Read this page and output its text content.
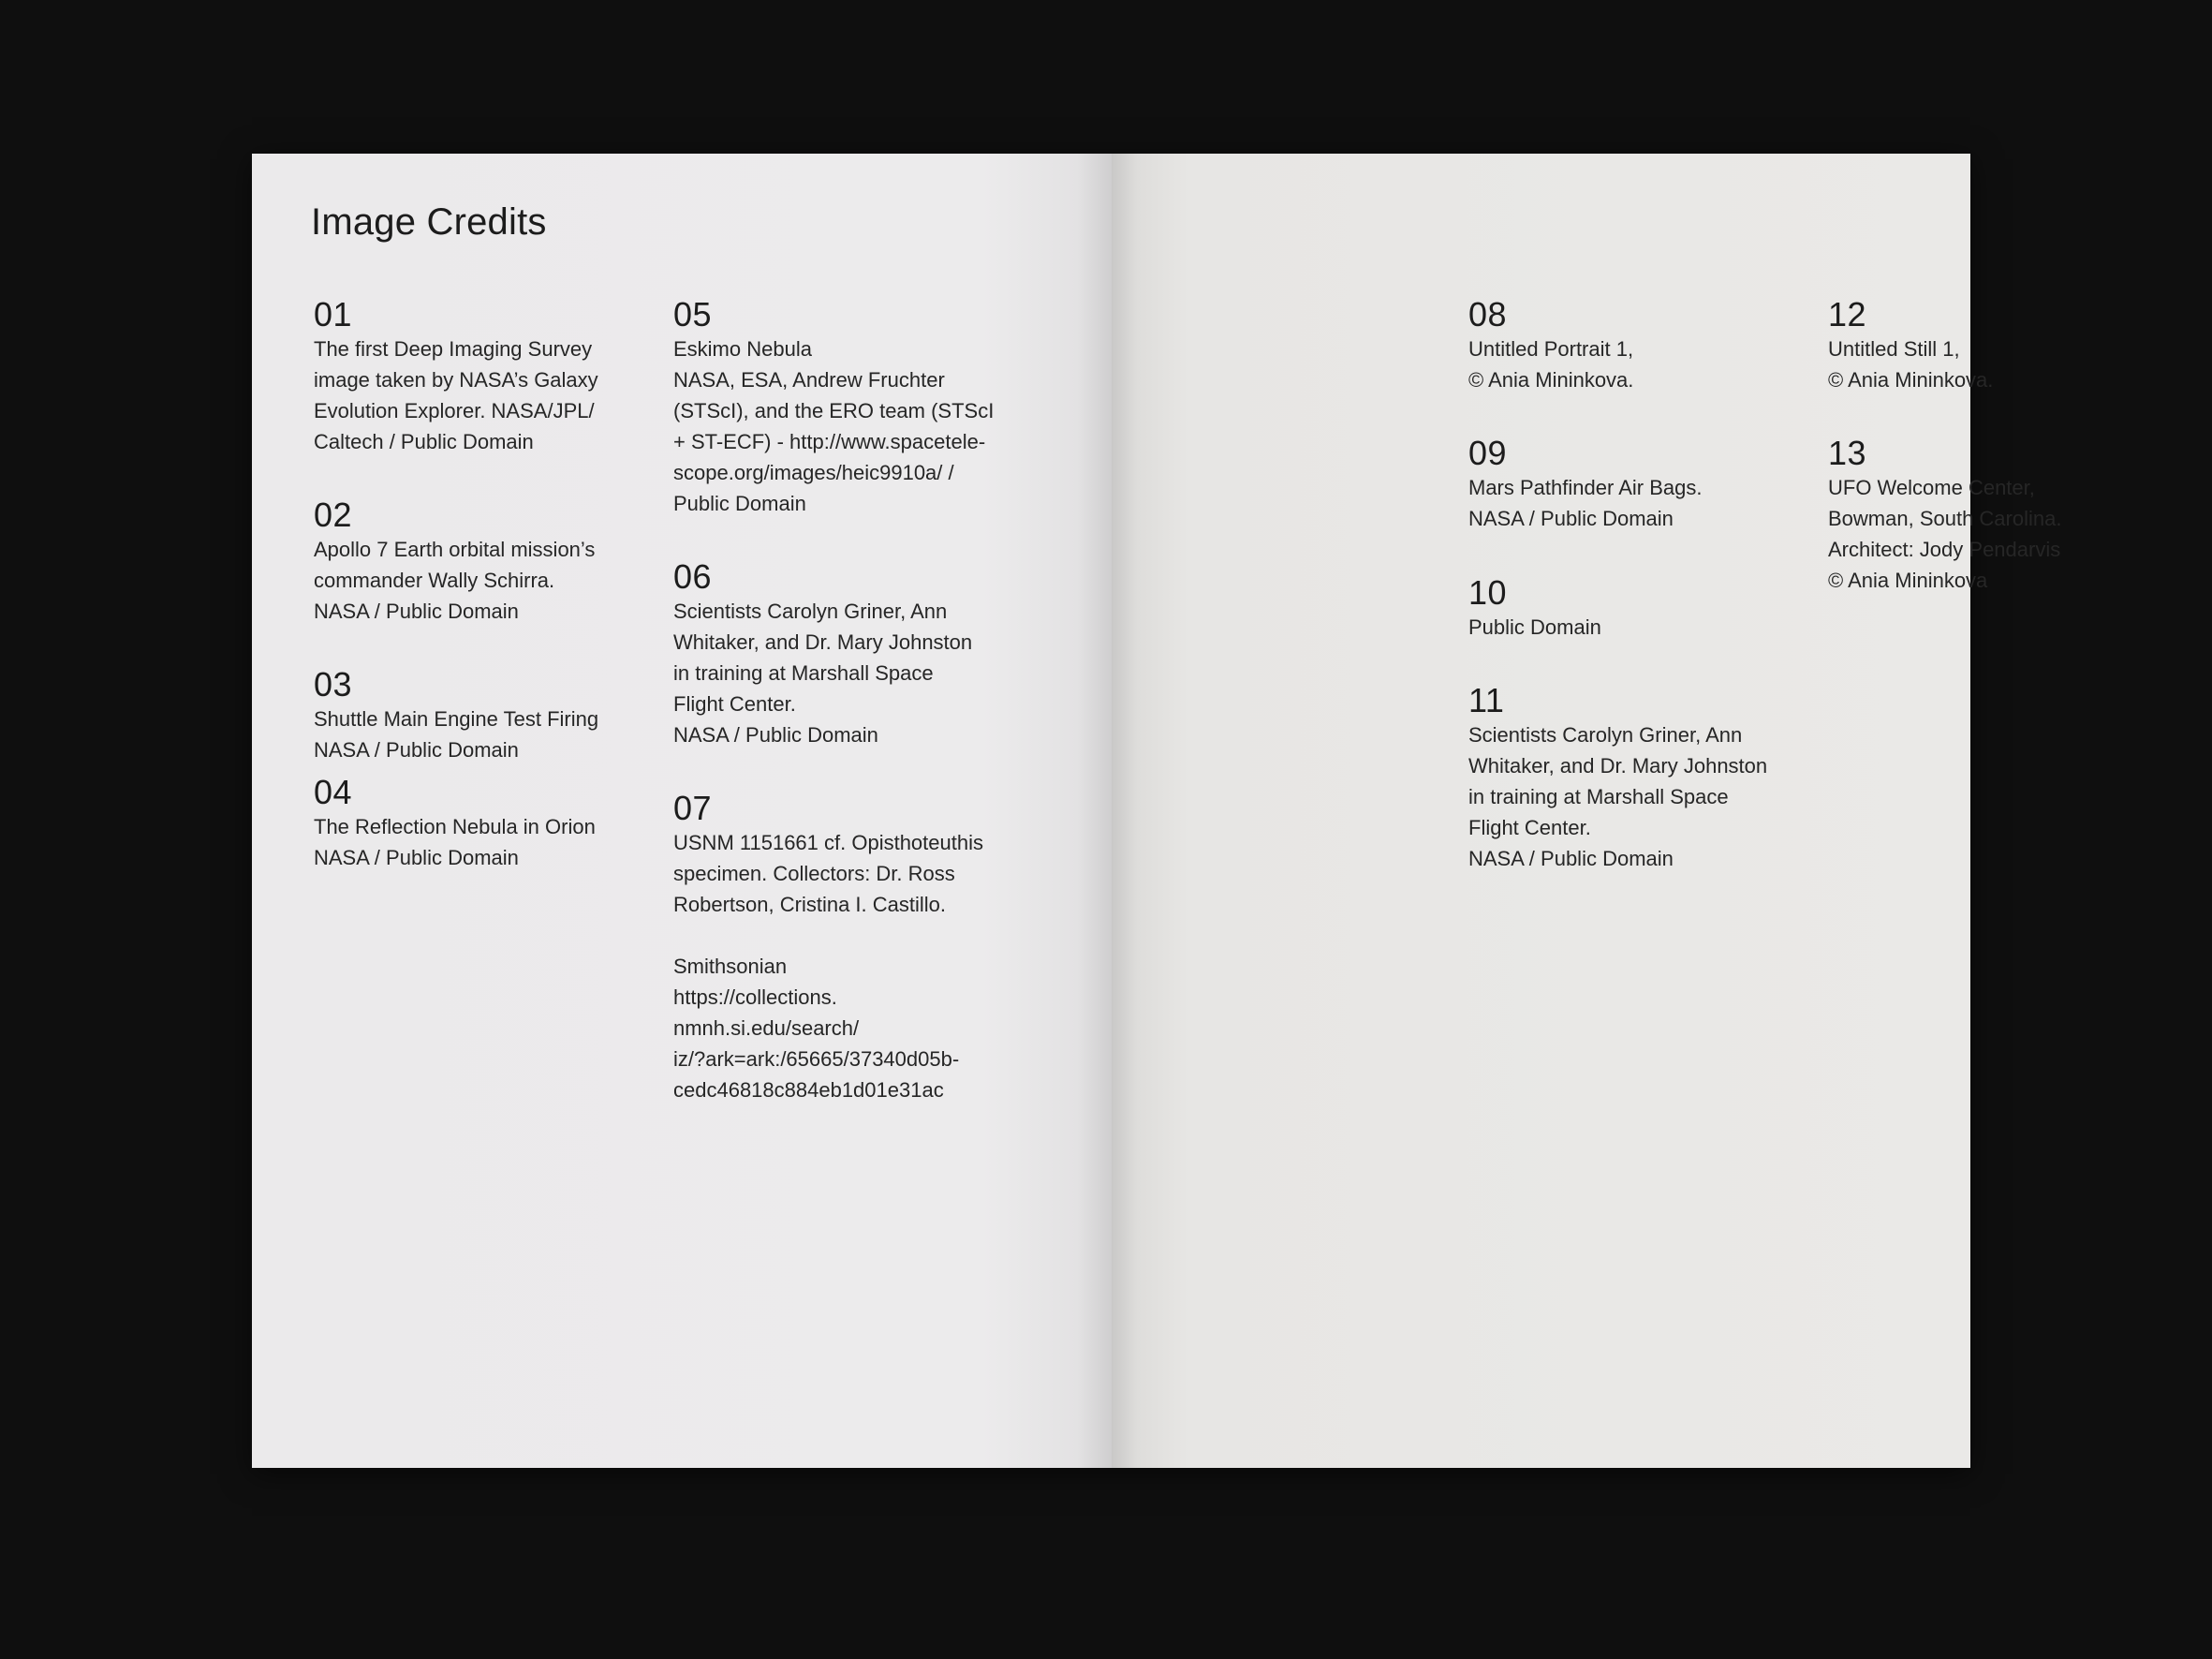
Image Credits
01
The first Deep Imaging Survey
image taken by NASA’s Galaxy
Evolution Explorer. NASA/JPL/
Caltech / Public Domain
02
Apollo 7 Earth orbital mission’s
commander Wally Schirra.
NASA / Public Domain
03
Shuttle Main Engine Test Firing
NASA / Public Domain
04
The Reflection Nebula in Orion
NASA / Public Domain
05
Eskimo Nebula
NASA, ESA, Andrew Fruchter
(STScI), and the ERO team (STScI
+ ST-ECF) - http://www.spacetele-
scope.org/images/heic9910a/ /
Public Domain
06
Scientists Carolyn Griner, Ann
Whitaker, and Dr. Mary Johnston
in training at Marshall Space
Flight Center.
NASA / Public Domain
07
USNM 1151661 cf. Opisthoteuthis
specimen. Collectors: Dr. Ross
Robertson, Cristina I. Castillo.

Smithsonian
https://collections.
nmnh.si.edu/search/
iz/?ark=ark:/65665/37340d05b-
cedc46818c884eb1d01e31ac
08
Untitled Portrait 1,
© Ania Mininkova.
09
Mars Pathfinder Air Bags.
NASA / Public Domain
10
Public Domain
11
Scientists Carolyn Griner, Ann
Whitaker, and Dr. Mary Johnston
in training at Marshall Space
Flight Center.
NASA / Public Domain
12
Untitled Still 1,
© Ania Mininkova.
13
UFO Welcome Center,
Bowman, South Carolina.
Architect: Jody Pendarvis
© Ania Mininkova
